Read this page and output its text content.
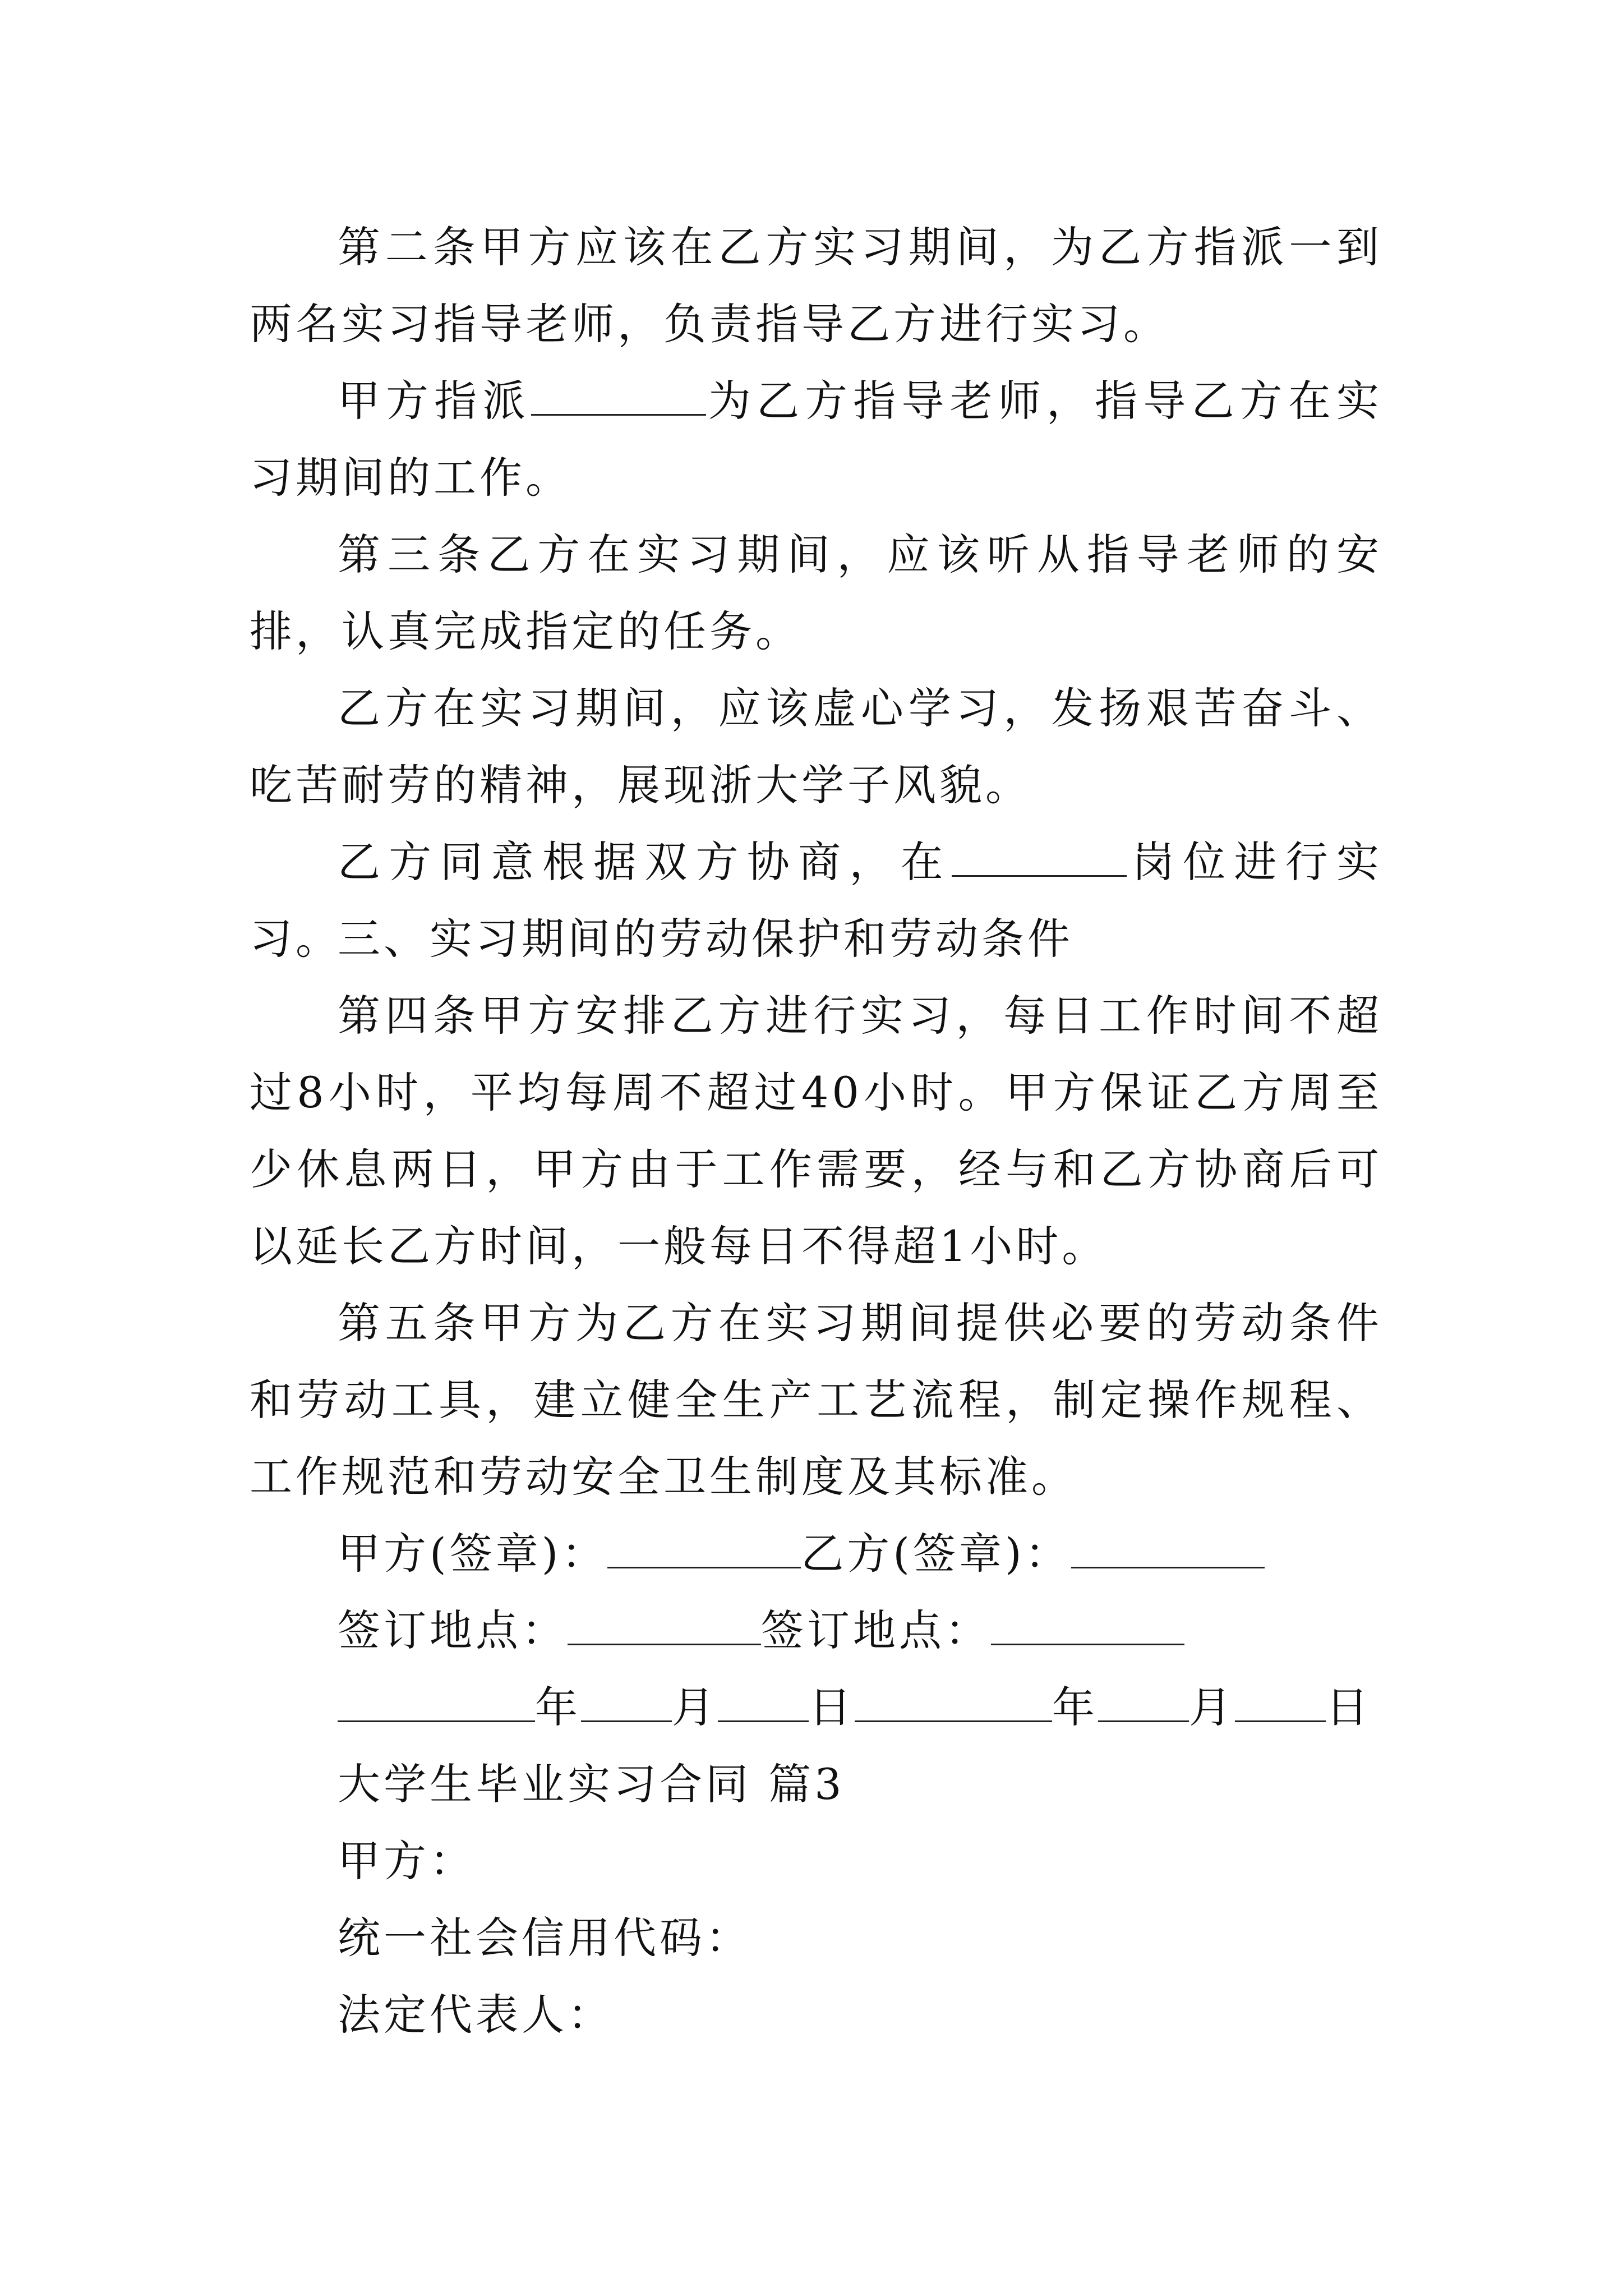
第二条甲方应该在乙方实习期间，为乙方指派一到两名实习指导老师，负责指导乙方进行实习。

甲方指派	为乙方指导老师，指导乙方在实习期间的工作。

第三条乙方在实习期间，应该听从指导老师的安排，认真完成指定的任务。

乙方在实习期间，应该虚心学习，发扬艰苦奋斗、吃苦耐劳的精神，展现浙大学子风貌。

乙方同意根据双方协商，在	岗位进行实习。

三、实习期间的劳动保护和劳动条件

第四条甲方安排乙方进行实习，每日工作时间不超过8小时，平均每周不超过40小时。甲方保证乙方周至少休息两日，甲方由于工作需要，经与和乙方协商后可以延长乙方时间，一般每日不得超1小时。

第五条甲方为乙方在实习期间提供必要的劳动条件和劳动工具，建立健全生产工艺流程，制定操作规程、工作规范和劳动安全卫生制度及其标准。

甲方(签章)：	乙方(签章)：

签订地点：	签订地点：

年 月 日	年 月 日

大学生毕业实习合同 篇3

甲方：

统一社会信用代码：

法定代表人：
